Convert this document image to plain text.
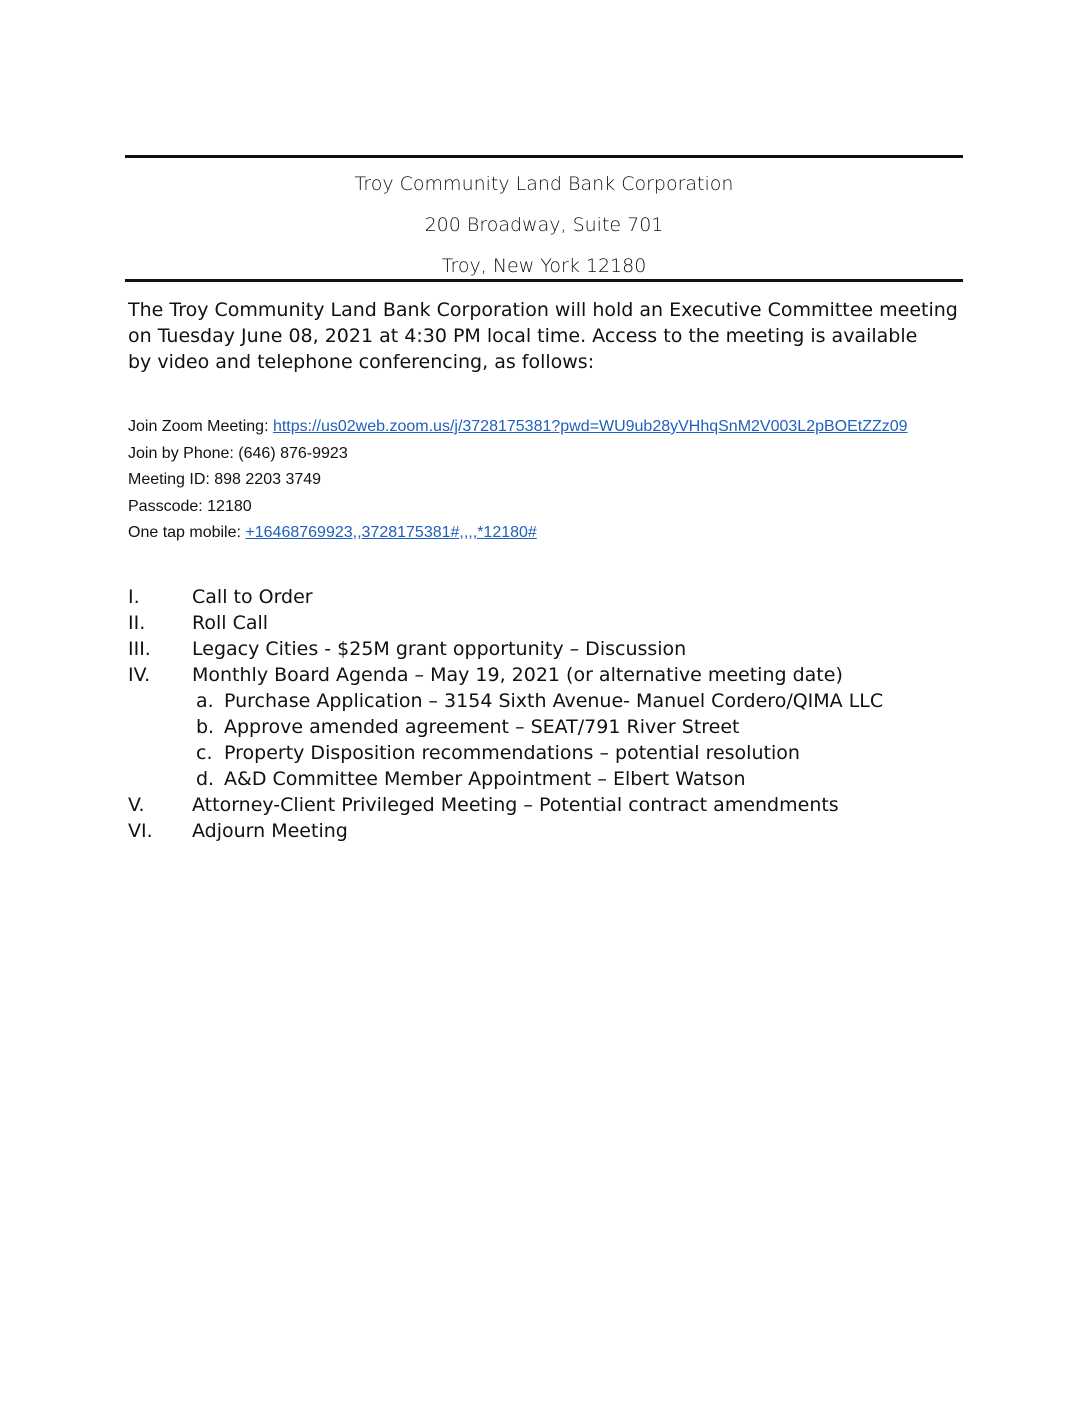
Troy Community Land Bank Corporation
200 Broadway, Suite 701
Troy, New York 12180
The Troy Community Land Bank Corporation will hold an Executive Committee meeting
on Tuesday June 08, 2021 at 4:30 PM local time. Access to the meeting is available
by video and telephone conferencing, as follows:
Join Zoom Meeting: https://us02web.zoom.us/j/3728175381?pwd=WU9ub28yVHhqSnM2V003L2pBOEtZZz09
Join by Phone: (646) 876-9923
Meeting ID: 898 2203 3749
Passcode: 12180
One tap mobile: +16468769923,,3728175381#,,,,*12180#
I.	Call to Order
II. Roll Call
III. Legacy Cities - $25M grant opportunity – Discussion
IV. Monthly Board Agenda – May 19, 2021 (or alternative meeting date)
a. Purchase Application – 3154 Sixth Avenue- Manuel Cordero/QIMA LLC
b. Approve amended agreement – SEAT/791 River Street
c. Property Disposition recommendations – potential resolution
d. A&D Committee Member Appointment – Elbert Watson
V. Attorney-Client Privileged Meeting – Potential contract amendments
VI. Adjourn Meeting
